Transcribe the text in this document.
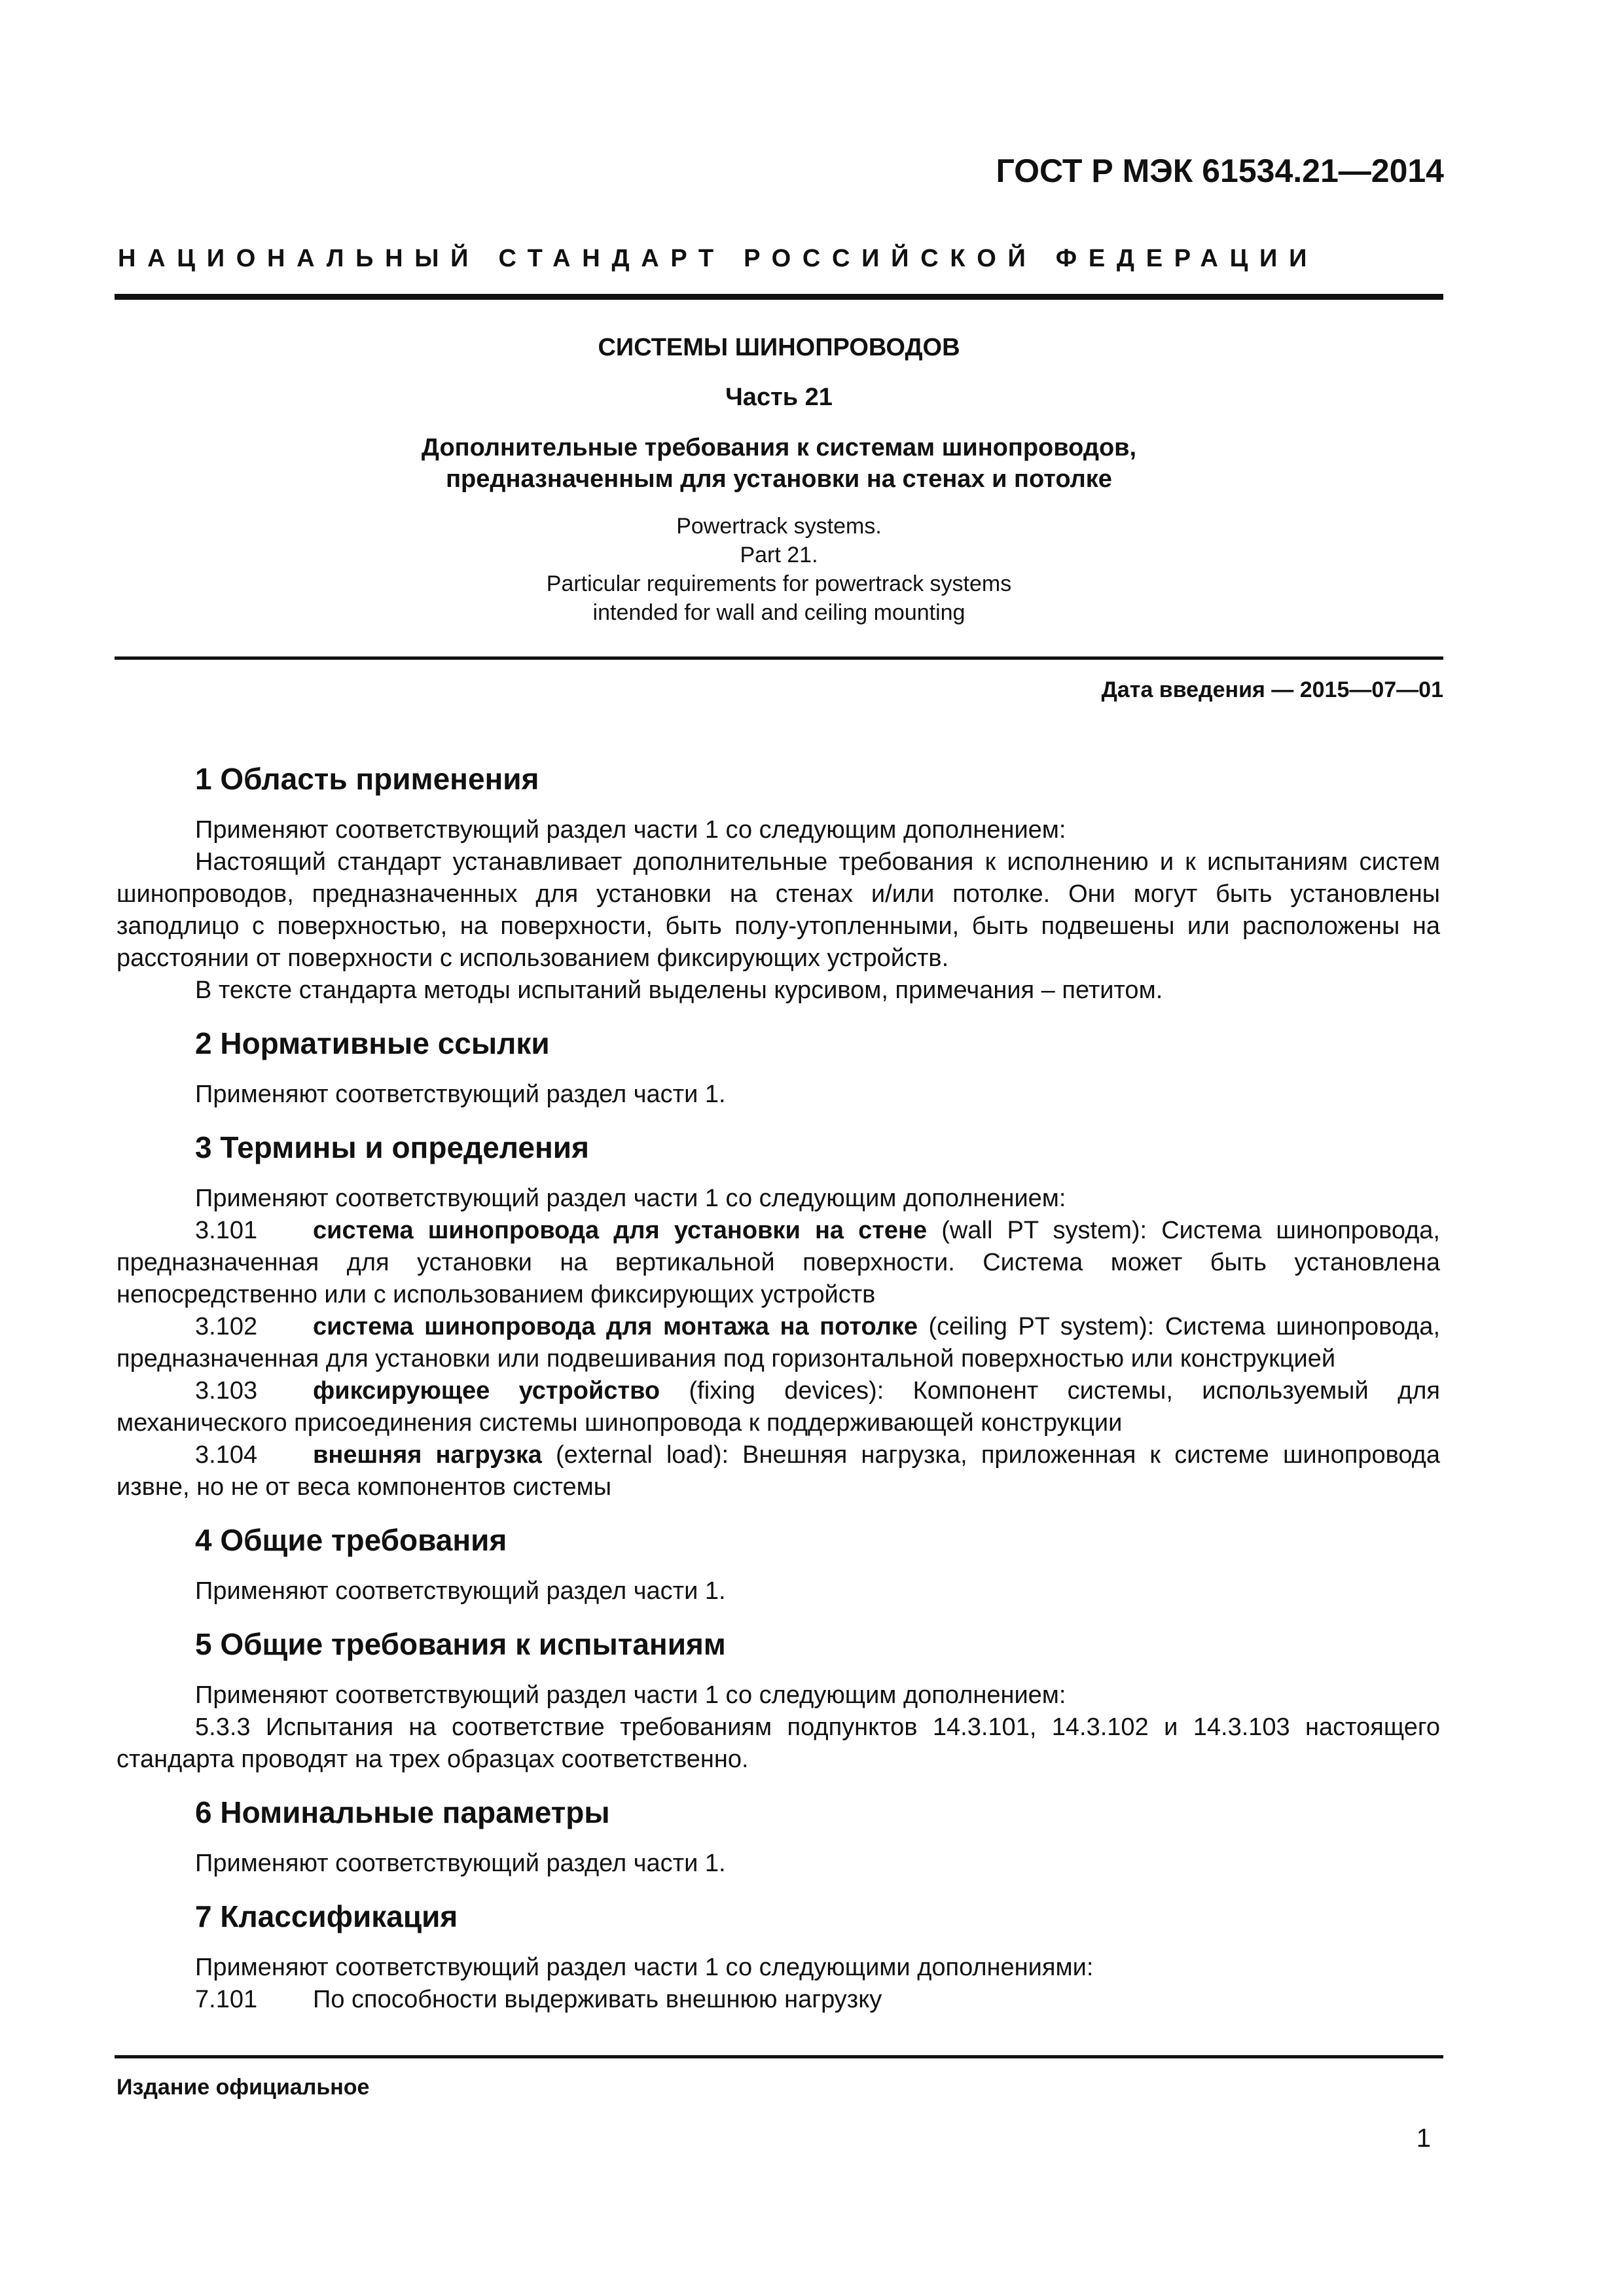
ГОСТ Р МЭК 61534.21—2014
НАЦИОНАЛЬНЫЙ СТАНДАРТ РОССИЙСКОЙ ФЕДЕРАЦИИ
СИСТЕМЫ ШИНОПРОВОДОВ
Часть 21
Дополнительные требования к системам шинопроводов,
предназначенным для установки на стенах и потолке
Powertrack systems.
Part 21.
Particular requirements for powertrack systems
intended for wall and ceiling mounting
Дата введения — 2015—07—01
1 Область применения

Применяют соответствующий раздел части 1 со следующим дополнением:

Настоящий стандарт устанавливает дополнительные требования к исполнению и к испытаниям систем шинопроводов, предназначенных для установки на стенах и/или потолке. Они могут быть установлены заподлицо с поверхностью, на поверхности, быть полу-утопленными, быть подвешены или расположены на расстоянии от поверхности с использованием фиксирующих устройств.

В тексте стандарта методы испытаний выделены курсивом, примечания – петитом.

2 Нормативные ссылки

Применяют соответствующий раздел части 1.

3 Термины и определения

Применяют соответствующий раздел части 1 со следующим дополнением:

3.101 система шинопровода для установки на стене (wall PT system): Система шинопровода, предназначенная для установки на вертикальной поверхности. Система может быть установлена непосредственно или с использованием фиксирующих устройств

3.102 система шинопровода для монтажа на потолке (ceiling PT system): Система шинопровода, предназначенная для установки или подвешивания под горизонтальной поверхностью или конструкцией

3.103 фиксирующее устройство (fixing devices): Компонент системы, используемый для механического присоединения системы шинопровода к поддерживающей конструкции

3.104 внешняя нагрузка (external load): Внешняя нагрузка, приложенная к системе шинопровода извне, но не от веса компонентов системы

4 Общие требования

Применяют соответствующий раздел части 1.

5 Общие требования к испытаниям

Применяют соответствующий раздел части 1 со следующим дополнением:

5.3.3 Испытания на соответствие требованиям подпунктов 14.3.101, 14.3.102 и 14.3.103 настоящего стандарта проводят на трех образцах соответственно.

6 Номинальные параметры

Применяют соответствующий раздел части 1.

7 Классификация

Применяют соответствующий раздел части 1 со следующими дополнениями:

7.101 По способности выдерживать внешнюю нагрузку

Издание официальное
1
